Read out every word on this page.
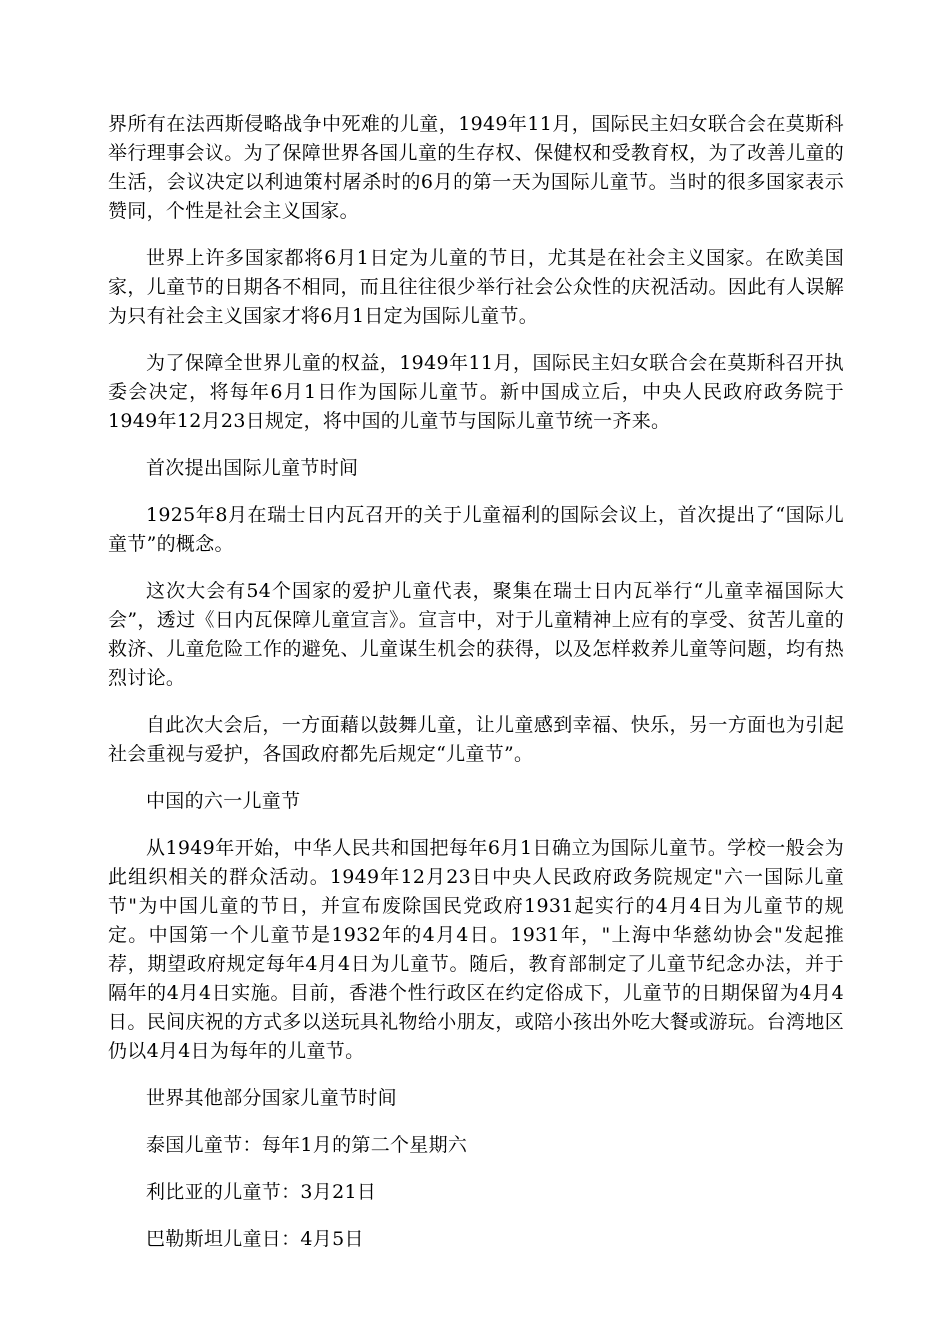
界所有在法西斯侵略战争中死难的儿童，1949年11月，国际民主妇女联合会在莫斯科举行理事会议。为了保障世界各国儿童的生存权、保健权和受教育权，为了改善儿童的生活，会议决定以利迪策村屠杀时的6月的第一天为国际儿童节。当时的很多国家表示赞同，个性是社会主义国家。

世界上许多国家都将6月1日定为儿童的节日，尤其是在社会主义国家。在欧美国家，儿童节的日期各不相同，而且往往很少举行社会公众性的庆祝活动。因此有人误解为只有社会主义国家才将6月1日定为国际儿童节。

为了保障全世界儿童的权益，1949年11月，国际民主妇女联合会在莫斯科召开执委会决定，将每年6月1日作为国际儿童节。新中国成立后，中央人民政府政务院于1949年12月23日规定，将中国的儿童节与国际儿童节统一齐来。

首次提出国际儿童节时间

1925年8月在瑞士日内瓦召开的关于儿童福利的国际会议上，首次提出了“国际儿童节”的概念。

这次大会有54个国家的爱护儿童代表，聚集在瑞士日内瓦举行“儿童幸福国际大会”，透过《日内瓦保障儿童宣言》。宣言中，对于儿童精神上应有的享受、贫苦儿童的救济、儿童危险工作的避免、儿童谋生机会的获得，以及怎样救养儿童等问题，均有热烈讨论。

自此次大会后，一方面藉以鼓舞儿童，让儿童感到幸福、快乐，另一方面也为引起社会重视与爱护，各国政府都先后规定“儿童节”。

中国的六一儿童节

从1949年开始，中华人民共和国把每年6月1日确立为国际儿童节。学校一般会为此组织相关的群众活动。1949年12月23日中央人民政府政务院规定"六一国际儿童节"为中国儿童的节日，并宣布废除国民党政府1931起实行的4月4日为儿童节的规定。中国第一个儿童节是1932年的4月4日。1931年，"上海中华慈幼协会"发起推荐，期望政府规定每年4月4日为儿童节。随后，教育部制定了儿童节纪念办法，并于隔年的4月4日实施。目前，香港个性行政区在约定俗成下，儿童节的日期保留为4月4日。民间庆祝的方式多以送玩具礼物给小朋友，或陪小孩出外吃大餐或游玩。台湾地区仍以4月4日为每年的儿童节。

世界其他部分国家儿童节时间

泰国儿童节：每年1月的第二个星期六

利比亚的儿童节：3月21日

巴勒斯坦儿童日：4月5日
